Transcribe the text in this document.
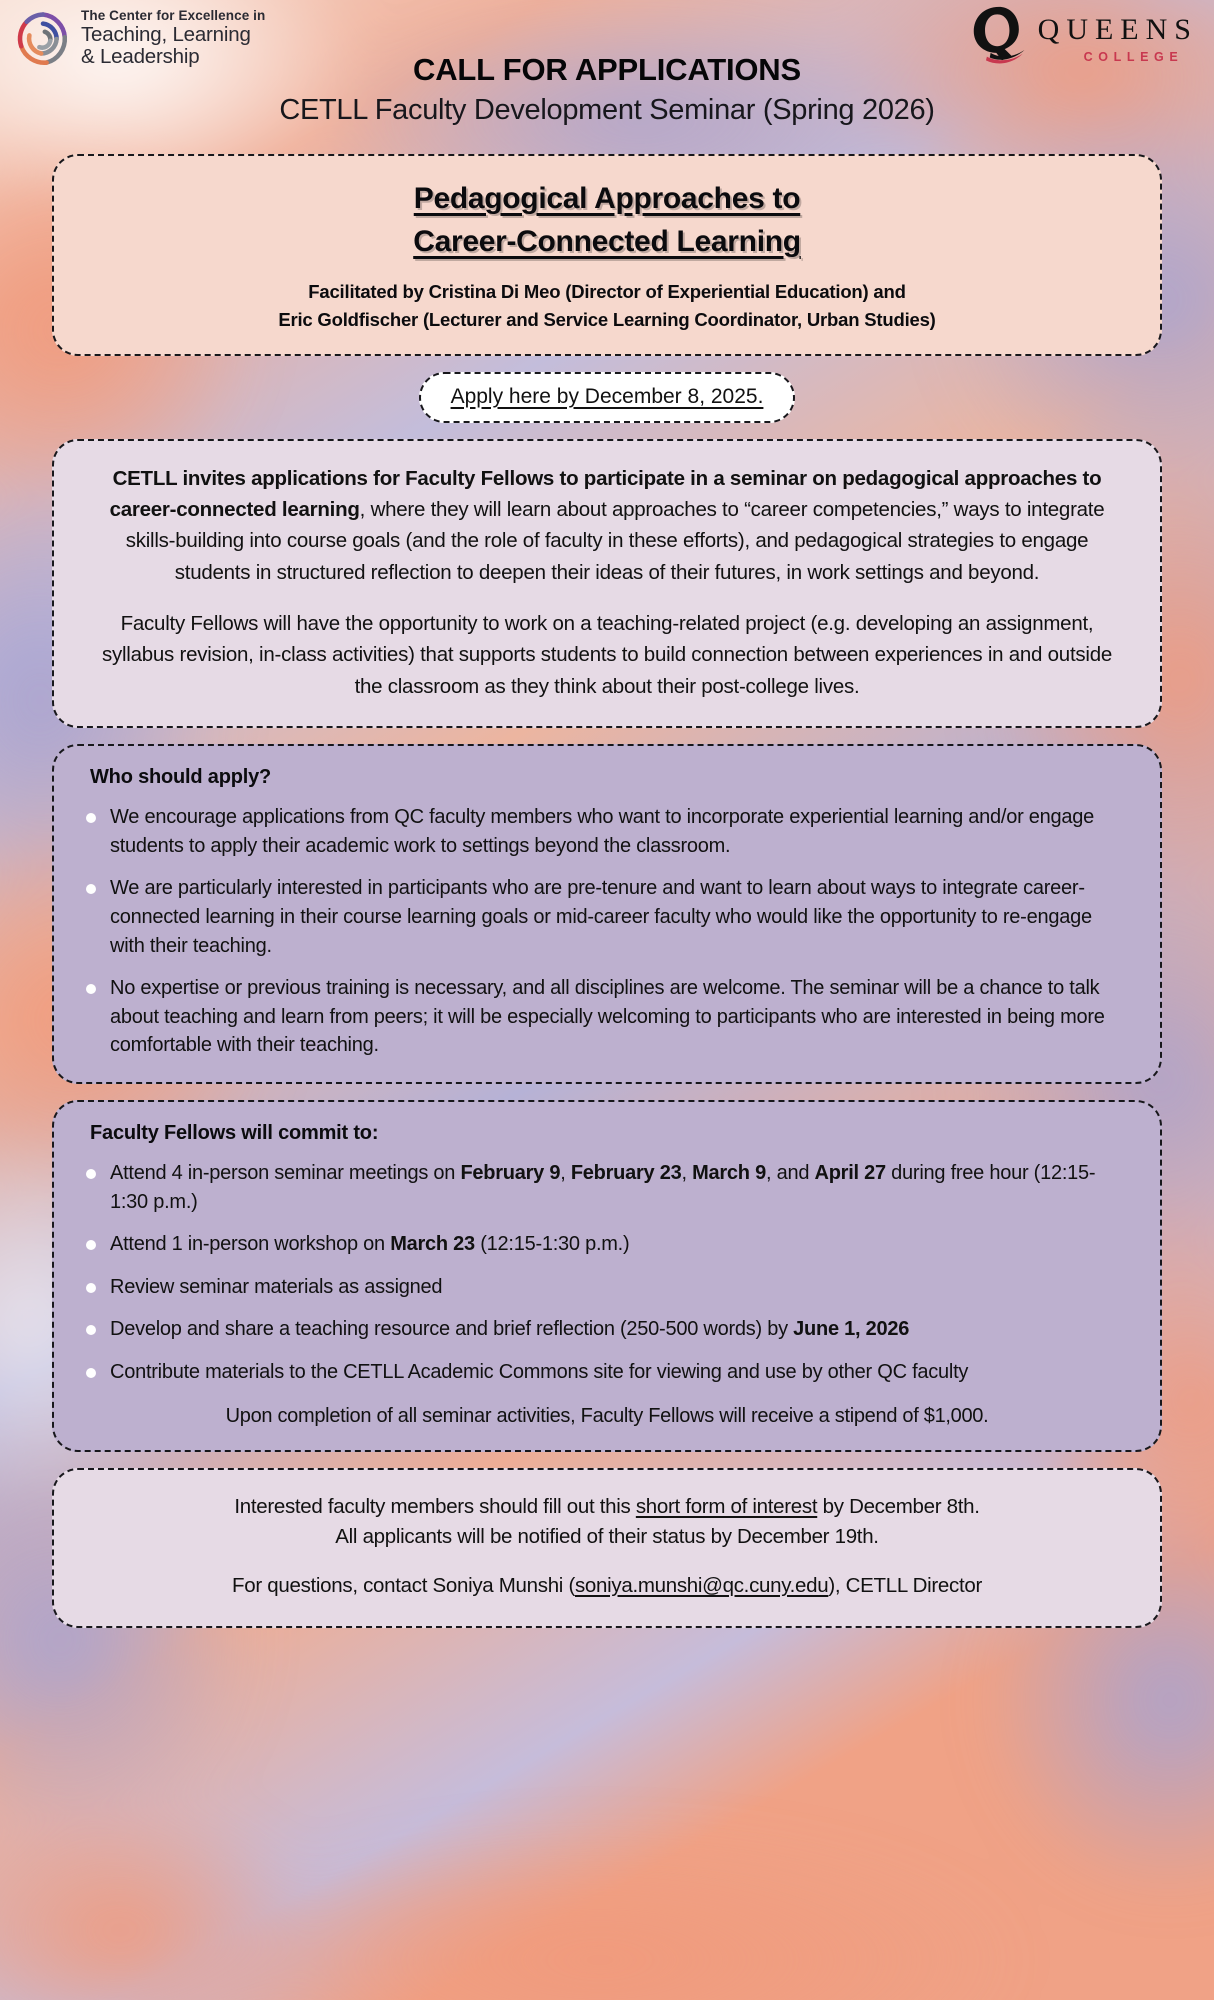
The Center for Excellence in
Teaching, Learning
& Leadership
QUEENS
COLLEGE
CALL FOR APPLICATIONS
CETLL Faculty Development Seminar (Spring 2026)
Pedagogical Approaches to
Career-Connected Learning
Facilitated by Cristina Di Meo (Director of Experiential Education) and
Eric Goldfischer (Lecturer and Service Learning Coordinator, Urban Studies)
Apply here by December 8, 2025.

CETLL invites applications for Faculty Fellows to participate in a seminar on pedagogical approaches to career-connected learning, where they will learn about approaches to “career competencies,” ways to integrate skills-building into course goals (and the role of faculty in these efforts), and pedagogical strategies to engage students in structured reflection to deepen their ideas of their futures, in work settings and beyond.

Faculty Fellows will have the opportunity to work on a teaching-related project (e.g. developing an assignment, syllabus revision, in-class activities) that supports students to build connection between experiences in and outside the classroom as they think about their post-college lives.

Who should apply?
We encourage applications from QC faculty members who want to incorporate experiential learning and/or engage students to apply their academic work to settings beyond the classroom.
We are particularly interested in participants who are pre-tenure and want to learn about ways to integrate career-connected learning in their course learning goals or mid-career faculty who would like the opportunity to re-engage with their teaching.
No expertise or previous training is necessary, and all disciplines are welcome. The seminar will be a chance to talk about teaching and learn from peers; it will be especially welcoming to participants who are interested in being more comfortable with their teaching.
Faculty Fellows will commit to:
Attend 4 in-person seminar meetings on February 9, February 23, March 9, and April 27 during free hour (12:15-1:30 p.m.)
Attend 1 in-person workshop on March 23 (12:15-1:30 p.m.)
Review seminar materials as assigned
Develop and share a teaching resource and brief reflection (250-500 words) by June 1, 2026
Contribute materials to the CETLL Academic Commons site for viewing and use by other QC faculty
Upon completion of all seminar activities, Faculty Fellows will receive a stipend of $1,000.

Interested faculty members should fill out this short form of interest by December 8th.
All applicants will be notified of their status by December 19th.

For questions, contact Soniya Munshi (soniya.munshi@qc.cuny.edu), CETLL Director
